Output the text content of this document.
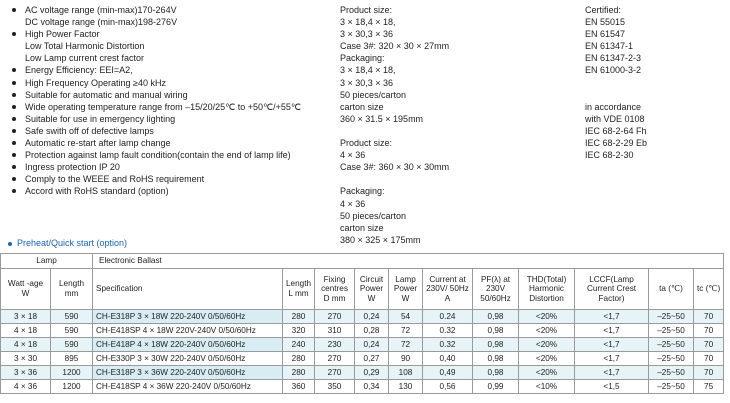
AC voltage range (min-max)170-264V
DC voltage range (min-max)198-276V
High Power Factor
Low Total Harmonic Distortion
Low Lamp current crest factor
Energy Efficiency: EEI=A2,
High Frequency Operating ≥40 kHz
Suitable for automatic and manual wiring
Wide operating temperature range from –15/20/25℃ to +50℃/+55℃
Suitable for use in emergency lighting
Safe swith off of defective lamps
Automatic re-start after lamp change
Protection against lamp fault condition(contain the end of lamp life)
Ingress protection IP 20
Comply to the WEEE and RoHS requirement
Accord with RoHS standard (option)
Product size:
3 × 18,4 × 18,
3 × 30,3 × 36
Case 3#: 320 × 30 × 27mm
Packaging:
3 × 18,4 × 18,
3 × 30,3 × 36
50 pieces/carton
carton size
360 × 31.5 × 195mm
Product size:
4 × 36
Case 3#: 360 × 30 × 30mm
Packaging:
4 × 36
50 pieces/carton
carton size
380 × 325 × 175mm
Certified:
EN 55015
EN 61547
EN 61347-1
EN 61347-2-3
EN 61000-3-2
in accordance
with VDE 0108
IEC 68-2-64 Fh
IEC 68-2-29 Eb
IEC 68-2-30
Preheat/Quick start (option)
Lamp		Electronic Ballast										
Watt -age W	Length mm	Specification	Length L mm	Fixing centres D mm	Circuit Power W	Lamp Power W	Current at 230V/ 50Hz A	PF(λ) at 230V 50/60Hz	THD(Total) Harmonic Distortion	LCCF(Lamp Current Crest Factor)	ta (℃)	tc (℃)
3 × 18	590	CH-E318P 3 × 18W 220-240V 0/50/60Hz	280	270	0,24	54	0.24	0,98	<20%	<1,7	–25~50	70
4 × 18	590	CH-E418SP 4 × 18W 220V-240V 0/50/60Hz	320	310	0,28	72	0.32	0,98	<20%	<1,7	–25~50	70
4 × 18	590	CH-E418P 4 × 18W 220-240V 0/50/60Hz	240	230	0,24	72	0.32	0,98	<20%	<1,7	–25~50	70
3 × 30	895	CH-E330P 3 × 30W 220-240V 0/50/60Hz	280	270	0,27	90	0,40	0,98	<20%	<1,7	–25~50	70
3 × 36	1200	CH-E318P 3 × 36W 220-240V 0/50/60Hz	280	270	0,29	108	0,49	0,98	<20%	<1,7	–25~50	70
4 × 36	1200	CH-E418SP 4 × 36W 220-240V 0/50/60Hz	360	350	0,34	130	0,56	0,99	<10%	<1,5	–25~50	75
